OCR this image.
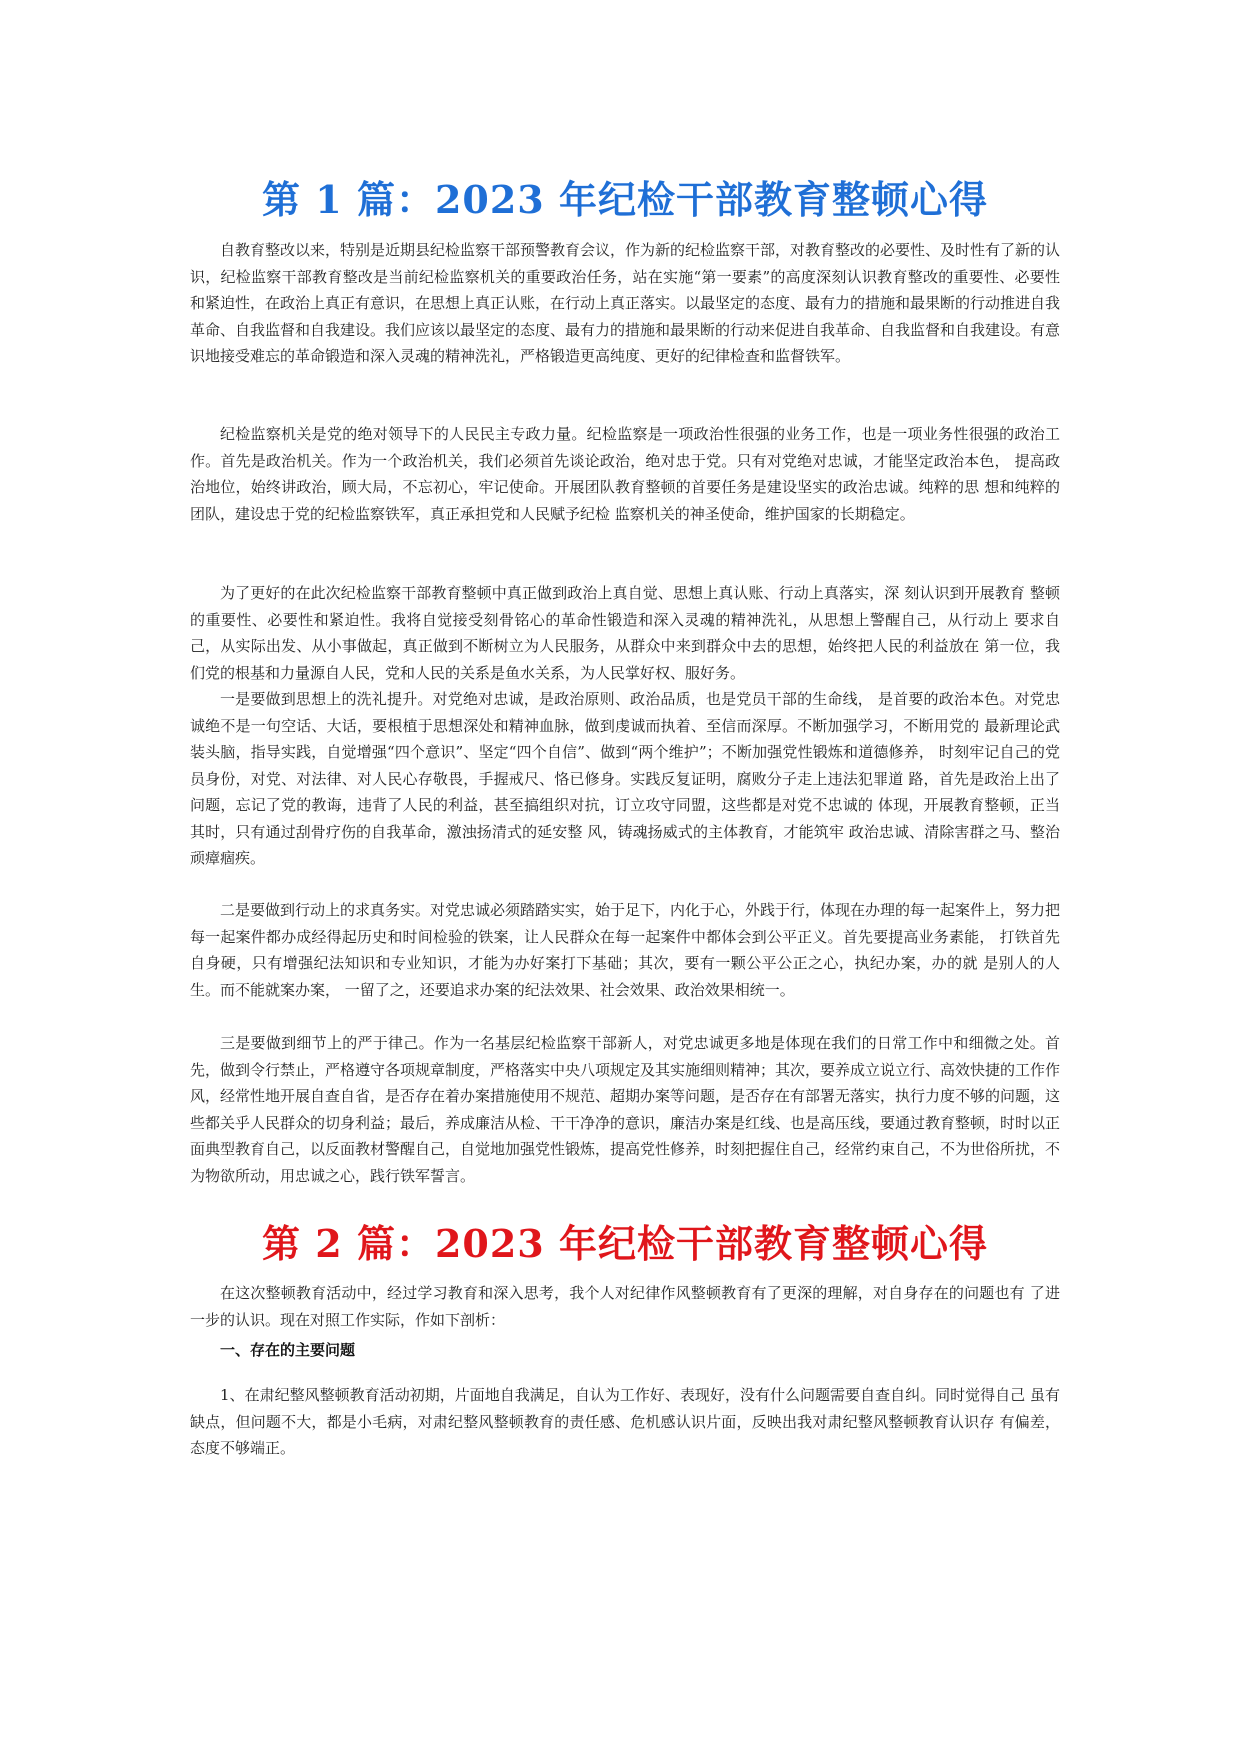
第 1 篇：2023 年纪检干部教育整顿心得

自教育整改以来，特别是近期县纪检监察干部预警教育会议，作为新的纪检监察干部，对教育整改的必要性、及时性有了新的认识，纪检监察干部教育整改是当前纪检监察机关的重要政治任务，站在实施“第一要素”的高度深刻认识教育整改的重要性、必要性和紧迫性，在政治上真正有意识，在思想上真正认账，在行动上真正落实。以最坚定的态度、最有力的措施和最果断的行动推进自我革命、自我监督和自我建设。我们应该以最坚定的态度、最有力的措施和最果断的行动来促进自我革命、自我监督和自我建设。有意识地接受难忘的革命锻造和深入灵魂的精神洗礼，严格锻造更高纯度、更好的纪律检查和监督铁军。

纪检监察机关是党的绝对领导下的人民民主专政力量。纪检监察是一项政治性很强的业务工作，也是一项业务性很强的政治工作。首先是政治机关。作为一个政治机关，我们必须首先谈论政治，绝对忠于党。只有对党绝对忠诚，才能坚定政治本色， 提高政治地位，始终讲政治，顾大局，不忘初心，牢记使命。开展团队教育整顿的首要任务是建设坚实的政治忠诚。纯粹的思 想和纯粹的团队，建设忠于党的纪检监察铁军，真正承担党和人民赋予纪检 监察机关的神圣使命，维护国家的长期稳定。

为了更好的在此次纪检监察干部教育整顿中真正做到政治上真自觉、思想上真认账、行动上真落实，深 刻认识到开展教育 整顿的重要性、必要性和紧迫性。我将自觉接受刻骨铭心的革命性锻造和深入灵魂的精神洗礼，从思想上警醒自己，从行动上 要求自己，从实际出发、从小事做起，真正做到不断树立为人民服务，从群众中来到群众中去的思想，始终把人民的利益放在 第一位，我们党的根基和力量源自人民，党和人民的关系是鱼水关系，为人民掌好权、服好务。

一是要做到思想上的洗礼提升。对党绝对忠诚，是政治原则、政治品质，也是党员干部的生命线， 是首要的政治本色。对党忠诚绝不是一句空话、大话，要根植于思想深处和精神血脉，做到虔诚而执着、至信而深厚。不断加强学习，不断用党的 最新理论武装头脑，指导实践，自觉增强“四个意识”、坚定“四个自信”、做到“两个维护”；不断加强党性锻炼和道德修养， 时刻牢记自己的党员身份，对党、对法律、对人民心存敬畏，手握戒尺、恪已修身。实践反复证明，腐败分子走上违法犯罪道 路，首先是政治上出了问题，忘记了党的教诲，违背了人民的利益，甚至搞组织对抗，订立攻守同盟，这些都是对党不忠诚的 体现，开展教育整顿，正当其时，只有通过刮骨疗伤的自我革命，激浊扬清式的延安整 风，铸魂扬威式的主体教育，才能筑牢 政治忠诚、清除害群之马、整治顽瘴痼疾。

二是要做到行动上的求真务实。对党忠诚必须踏踏实实，始于足下，内化于心，外践于行，体现在办理的每一起案件上，努力把每一起案件都办成经得起历史和时间检验的铁案，让人民群众在每一起案件中都体会到公平正义。首先要提高业务素能， 打铁首先自身硬，只有增强纪法知识和专业知识，才能为办好案打下基础；其次，要有一颗公平公正之心，执纪办案，办的就 是别人的人生。而不能就案办案， 一留了之，还要追求办案的纪法效果、社会效果、政治效果相统一。

三是要做到细节上的严于律己。作为一名基层纪检监察干部新人，对党忠诚更多地是体现在我们的日常工作中和细微之处。首先，做到令行禁止，严格遵守各项规章制度，严格落实中央八项规定及其实施细则精神；其次，要养成立说立行、高效快捷的工作作风，经常性地开展自查自省，是否存在着办案措施使用不规范、超期办案等问题，是否存在有部署无落实，执行力度不够的问题，这些都关乎人民群众的切身利益；最后，养成廉洁从检、干干净净的意识，廉洁办案是红线、也是高压线，要通过教育整顿，时时以正面典型教育自己，以反面教材警醒自己，自觉地加强党性锻炼，提高党性修养，时刻把握住自己，经常约束自己，不为世俗所扰，不为物欲所动，用忠诚之心，践行铁军誓言。

第 2 篇：2023 年纪检干部教育整顿心得

在这次整顿教育活动中，经过学习教育和深入思考，我个人对纪律作风整顿教育有了更深的理解，对自身存在的问题也有 了进一步的认识。现在对照工作实际，作如下剖析：

一、存在的主要问题

1、在肃纪整风整顿教育活动初期，片面地自我满足，自认为工作好、表现好，没有什么问题需要自查自纠。同时觉得自己 虽有缺点，但问题不大，都是小毛病，对肃纪整风整顿教育的责任感、危机感认识片面，反映出我对肃纪整风整顿教育认识存 有偏差，态度不够端正。
